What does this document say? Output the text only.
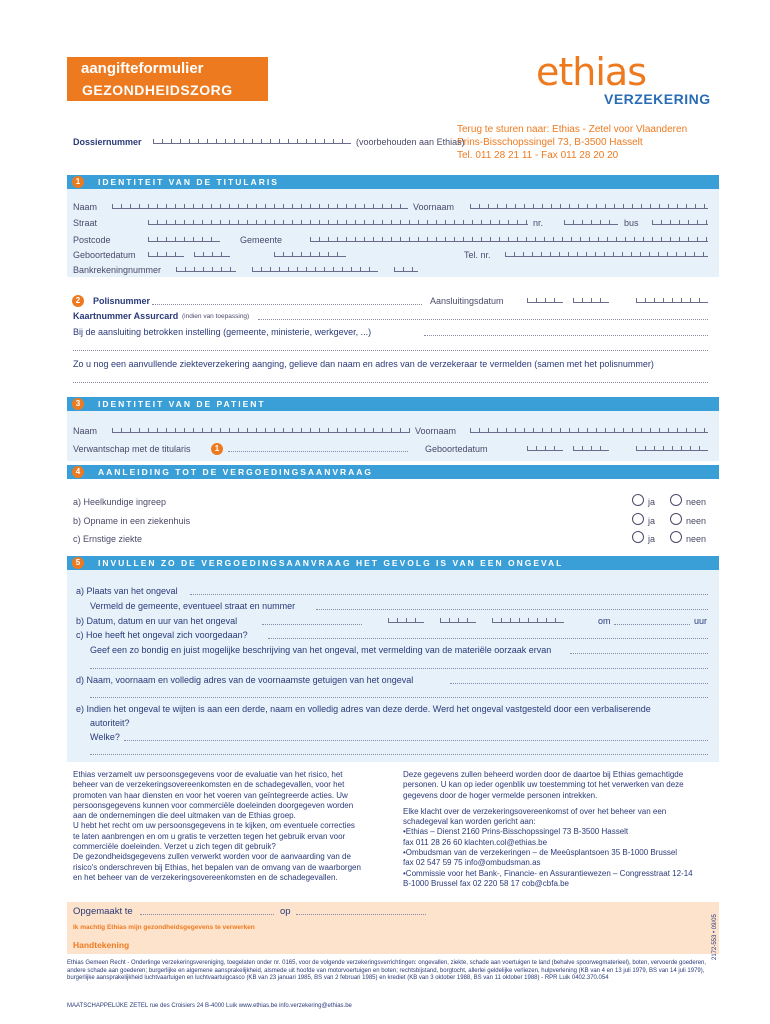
aangifteformulier
GEZONDHEIDSZORG	ethias
VERZEKERING
Terug te sturen naar: Ethias - Zetel voor Vlaanderen
Prins-Bisschopssingel 73, B-3500 Hasselt
Tel. 011 28 21 11 - Fax 011 28 20 20
Dossiernummer	(voorbehouden aan Ethias)
1	IDENTITEIT VAN DE TITULARIS
Naam	Voornaam
Straat	nr.	bus
Postcode	Gemeente
Geboortedatum	Tel. nr.
Bankrekeningnummer
2	Polisnummer	Aansluitingsdatum
Kaartnummer Assurcard (indien van toepassing)
Bij de aansluiting betrokken instelling (gemeente, ministerie, werkgever, ...)
Zo u nog een aanvullende ziekteverzekering aanging, gelieve dan naam en adres van de verzekeraar te vermelden (samen met het polisnummer)
3	IDENTITEIT VAN DE PATIENT
Naam	Voornaam
Verwantschap met de titularis	1	Geboortedatum
4	AANLEIDING TOT DE VERGOEDINGSAANVRAAG
a) Heelkundige ingreep	ja	neen
b) Opname in een ziekenhuis	ja	neen
c) Ernstige ziekte	ja	neen
5	INVULLEN ZO DE VERGOEDINGSAANVRAAG HET GEVOLG IS VAN EEN ONGEVAL
a) Plaats van het ongeval
Vermeld de gemeente, eventueel straat en nummer
b) Datum, datum en uur van het ongeval	om	uur
c) Hoe heeft het ongeval zich voorgedaan?
Geef een zo bondig en juist mogelijke beschrijving van het ongeval, met vermelding van de materiële oorzaak ervan
d) Naam, voornaam en volledig adres van de voornaamste getuigen van het ongeval
e) Indien het ongeval te wijten is aan een derde, naam en volledig adres van deze derde. Werd het ongeval vastgesteld door een verbaliserende
autoriteit?
Welke?
Ethias verzamelt uw persoonsgegevens voor de evaluatie van het risico, het
beheer van de verzekeringsovereenkomsten en de schadegevallen, voor het
promoten van haar diensten en voor het voeren van geïntegreerde acties. Uw
persoonsgegevens kunnen voor commerciële doeleinden doorgegeven worden
aan de ondernemingen die deel uitmaken van de Ethias groep.
U hebt het recht om uw persoonsgegevens in te kijken, om eventuele correcties
te laten aanbrengen en om u gratis te verzetten tegen het gebruik ervan voor
commerciële doeleinden. Verzet u zich tegen dit gebruik?
De gezondheidsgegevens zullen verwerkt worden voor de aanvaarding van de
risico's onderschreven bij Ethias, het bepalen van de omvang van de waarborgen
en het beheer van de verzekeringsovereenkomsten en de schadegevallen.
Deze gegevens zullen beheerd worden door de daartoe bij Ethias gemachtigde
personen. U kan op ieder ogenblik uw toestemming tot het verwerken van deze
gegevens door de hoger vermelde personen intrekken.
Elke klacht over de verzekeringsovereenkomst of over het beheer van een
schadegeval kan worden gericht aan:
•Ethias – Dienst 2160 Prins-Bisschopssingel 73 B-3500 Hasselt
fax 011 28 26 60 klachten.col@ethias.be
•Ombudsman van de verzekeringen – de Meeûsplantsoen 35 B-1000 Brussel
fax 02 547 59 75 info@ombudsman.as
•Commissie voor het Bank-, Financie- en Assurantiewezen – Congresstraat 12-14
B-1000 Brussel fax 02 220 58 17 cob@cbfa.be
Opgemaakt te	op
Ik machtig Ethias mijn gezondheidsgegevens te verwerken
Handtekening
Ethias Gemeen Recht - Onderlinge verzekeringsvereniging, toegelaten onder nr. 0165, voor de volgende verzekeringsverrichtingen: ongevallen, ziekte, schade aan voertuigen te land (behalve spoorwegmaterieel), boten, vervoerde goederen, andere schade aan goederen; burgerlijke en algemene aansprakelijkheid, alsmede uit hoofde van motorvoertuigen en boten; rechtsbijstand, borgtocht, allerlei geldelijke verliezen, hulpverlening (KB van 4 en 13 juli 1979, BS van 14 juli 1979), burgerlijke aansprakelijkheid luchtvaartuigen en luchtvaartuigcasco (KB van 23 januari 1985, BS van 2 februari 1985) en krediet (KB van 3 oktober 1988, BS van 11 oktober 1988) - RPR Luik 0402.370.054
MAATSCHAPPELIJKE ZETEL rue des Croisiers 24 B-4000 Luik www.ethias.be info.verzekering@ethias.be
2172-553 • 09/05
